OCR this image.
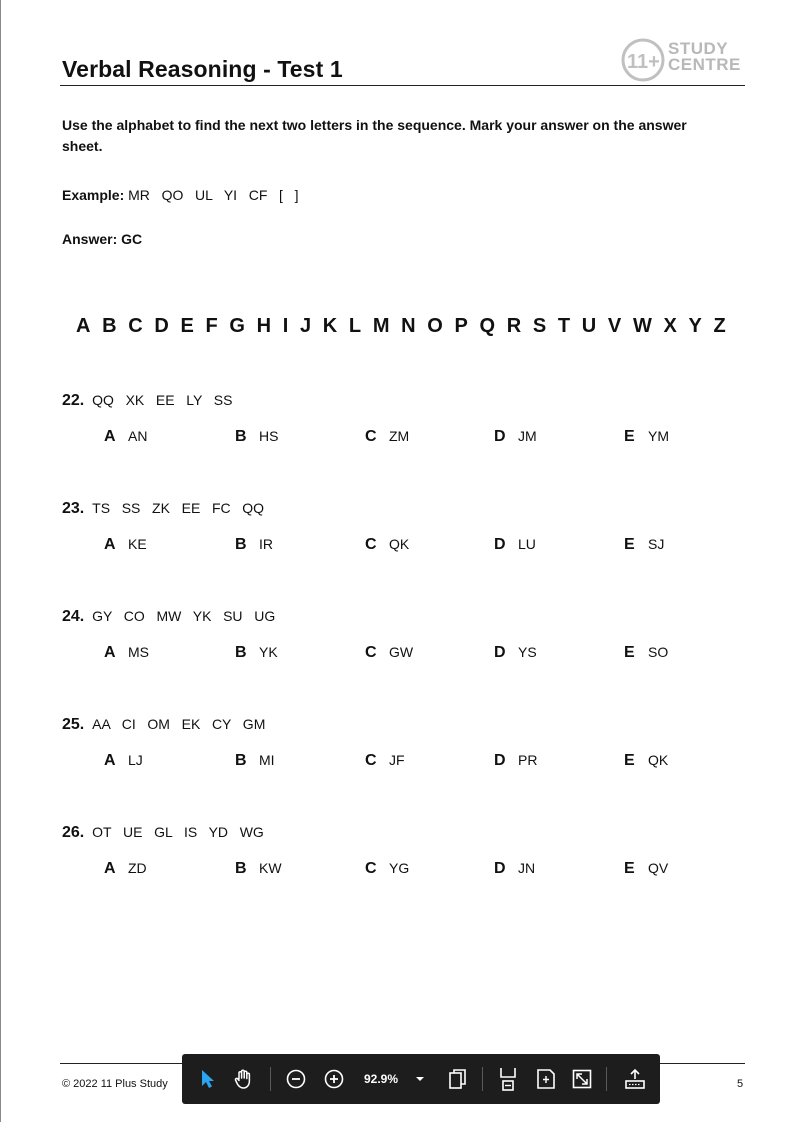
Verbal Reasoning - Test 1	11+
STUDY
CENTRE
Use the alphabet to find the next two letters in the sequence. Mark your answer on the answer sheet.
Example: MR   QO   UL   YI   CF   [   ]
Answer: GC
A B C D E F G H I J K L M N O P Q R S T U V W X Y Z
22. QQ   XK   EE   LY   SS
A AN	B HS	C ZM	D JM	E YM
23. TS   SS   ZK   EE   FC   QQ
A KE	B IR	C QK	D LU	E SJ
24. GY   CO   MW   YK   SU   UG
A MS	B YK	C GW	D YS	E SO
25. AA   CI   OM   EK   CY   GM
A LJ	B MI	C JF	D PR	E QK
26. OT   UE   GL   IS   YD   WG
A ZD	B KW	C YG	D JN	E QV
© 2022 11 Plus Study	5
92.9%
